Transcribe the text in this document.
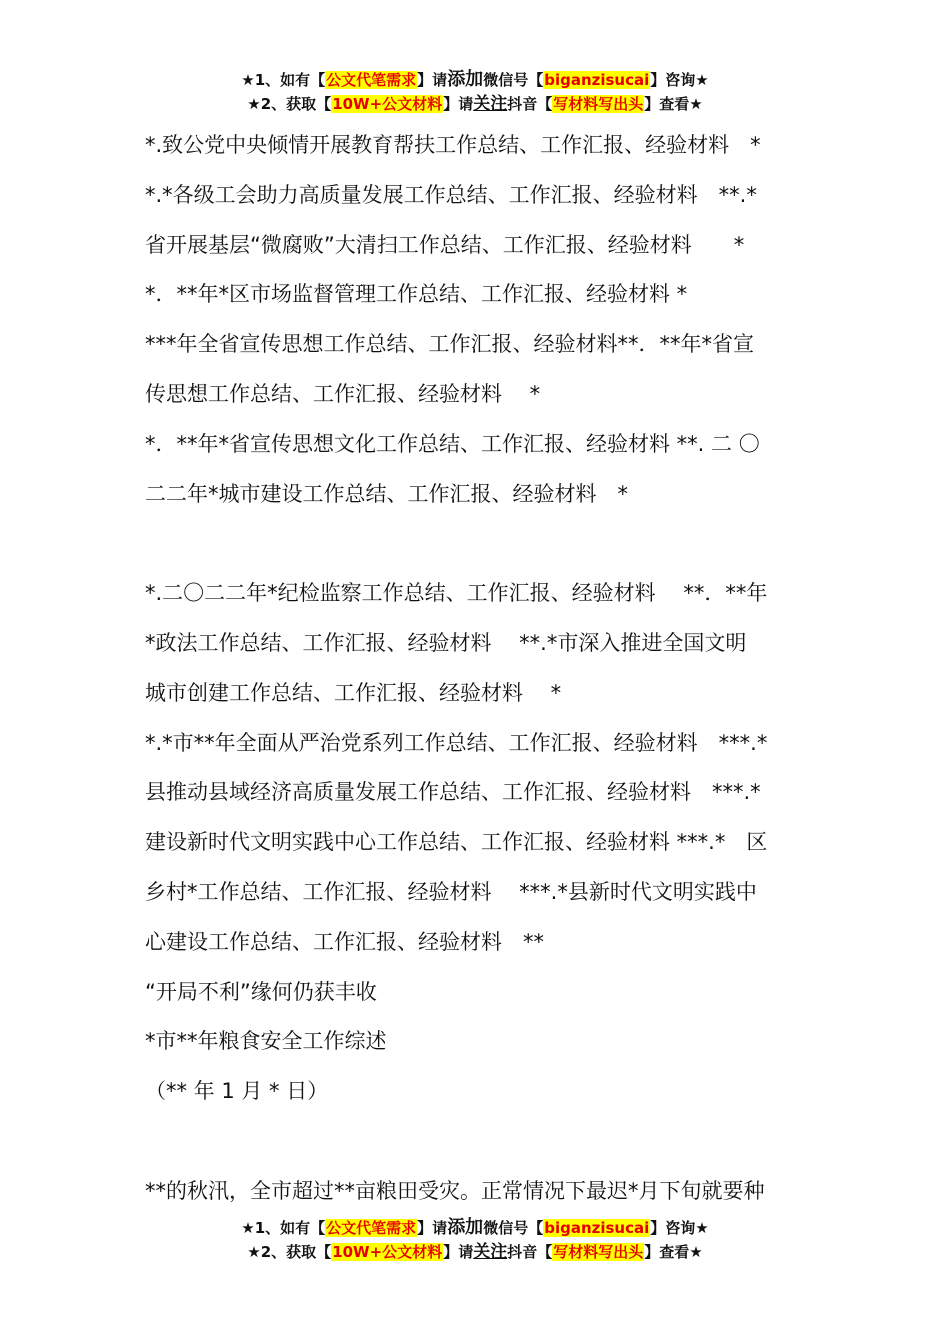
★1、如有【公文代笔需求】请添加微信号【biganzisucai】咨询★
★2、获取【10W+公文材料】请关注抖音【写材料写出头】查看★

*.致公党中央倾情开展教育帮扶工作总结、工作汇报、经验材料　*

*.*各级工会助力高质量发展工作总结、工作汇报、经验材料　**.*

省开展基层“微腐败”大清扫工作总结、工作汇报、经验材料　　*

*．**年*区市场监督管理工作总结、工作汇报、经验材料 *

***年全省宣传思想工作总结、工作汇报、经验材料**．**年*省宣

传思想工作总结、工作汇报、经验材料　 *

*．**年*省宣传思想文化工作总结、工作汇报、经验材料 **. 二 〇

二二年*城市建设工作总结、工作汇报、经验材料　*

*.二〇二二年*纪检监察工作总结、工作汇报、经验材料　 **．**年

*政法工作总结、工作汇报、经验材料　 **.*市深入推进全国文明

城市创建工作总结、工作汇报、经验材料　 *

*.*市**年全面从严治党系列工作总结、工作汇报、经验材料　***.*

县推动县域经济高质量发展工作总结、工作汇报、经验材料　***.*

建设新时代文明实践中心工作总结、工作汇报、经验材料 ***.*　区

乡村*工作总结、工作汇报、经验材料　 ***.*县新时代文明实践中

心建设工作总结、工作汇报、经验材料　**

“开局不利”缘何仍获丰收

*市**年粮食安全工作综述

（** 年 1 月 * 日）

**的秋汛，全市超过**亩粮田受灾。正常情况下最迟*月下旬就要种

★1、如有【公文代笔需求】请添加微信号【biganzisucai】咨询★
★2、获取【10W+公文材料】请关注抖音【写材料写出头】查看★
